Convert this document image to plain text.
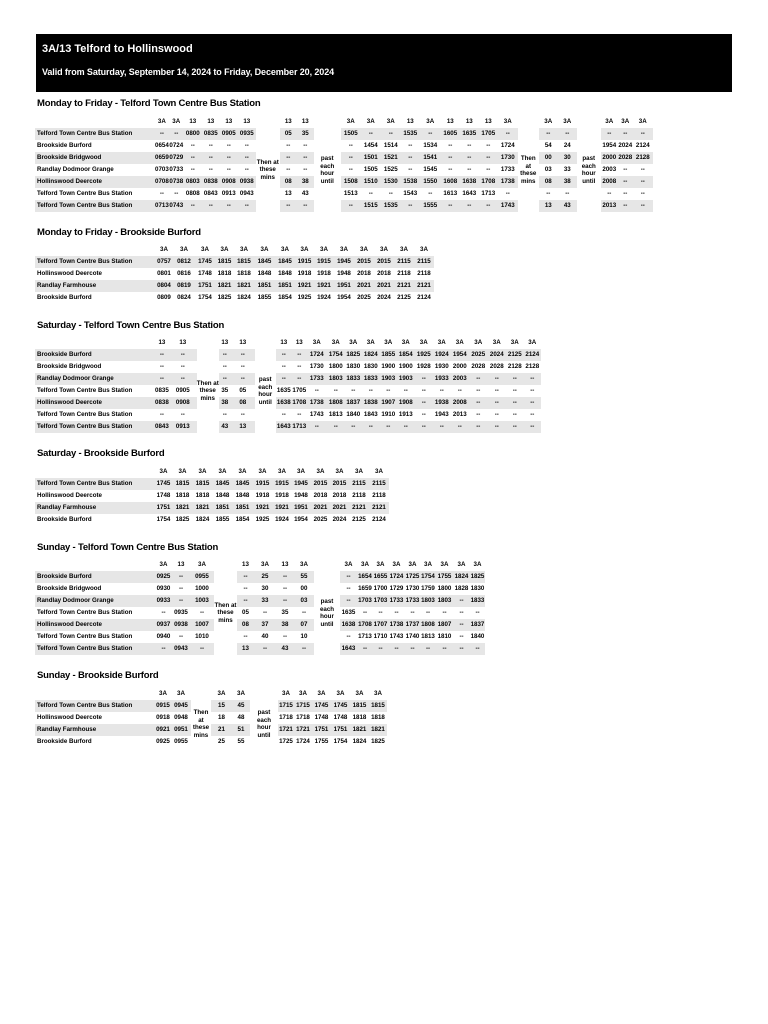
3A/13 Telford to Hollinswood
Valid from Saturday, September 14, 2024 to Friday, December 20, 2024
Monday to Friday - Telford Town Centre Bus Station
	3A	3A	13	13	13	13		13	13		3A	3A	3A	13	3A	13	13	13	3A		3A	3A		3A	3A	3A
Telford Town Centre Bus Station	--	--	0800	0835	0905	0935	Then at these mins	05	35	past each hour until	1505	--	--	1535	--	1605	1635	1705	--	Then at these mins	--	--	past each hour until	--	--	--
Brookside Burford	0654	0724	--	--	--	--		--	--		--	1454	1514	--	1534	--	--	--	1724		54	24		1954	2024	2124
Brookside Bridgwood	0659	0729	--	--	--	--		--	--		--	1501	1521	--	1541	--	--	--	1730		00	30		2000	2028	2128
Randlay Dodmoor Grange	0703	0733	--	--	--	--		--	--		--	1505	1525	--	1545	--	--	--	1733		03	33		2003	--	--
Hollinswood Deercote	0708	0738	0803	0838	0908	0938		08	38		1508	1510	1530	1538	1550	1608	1638	1708	1738		08	38		2008	--	--
Telford Town Centre Bus Station	--	--	0808	0843	0913	0943		13	43		1513	--	--	1543	--	1613	1643	1713	--		--	--		--	--	--
Telford Town Centre Bus Station	0713	0743	--	--	--	--		--	--		--	1515	1535	--	1555	--	--	--	1743		13	43		2013	--	--
Monday to Friday - Brookside Burford
	3A	3A	3A	3A	3A	3A	3A	3A	3A	3A	3A	3A	3A	3A
Telford Town Centre Bus Station	0757	0812	1745	1815	1815	1845	1845	1915	1915	1945	2015	2015	2115	2115
Hollinswood Deercote	0801	0816	1748	1818	1818	1848	1848	1918	1918	1948	2018	2018	2118	2118
Randlay Farmhouse	0804	0819	1751	1821	1821	1851	1851	1921	1921	1951	2021	2021	2121	2121
Brookside Burford	0809	0824	1754	1825	1824	1855	1854	1925	1924	1954	2025	2024	2125	2124
Saturday - Telford Town Centre Bus Station
	13	13		13	13		13	13	3A	3A	3A	3A	3A	3A	3A	3A	3A	3A	3A	3A	3A
Brookside Burford	--	--	Then at these mins	--	--	past each hour until	--	--	1724	1754	1825	1824	1855	1854	1925	1924	1954	2025	2024	2125	2124
Brookside Bridgwood	--	--		--	--		--	--	1730	1800	1830	1830	1900	1900	1928	1930	2000	2028	2028	2128	2128
Randlay Dodmoor Grange	--	--		--	--		--	--	1733	1803	1833	1833	1903	1903	--	1933	2003	--	--	--	--
Telford Town Centre Bus Station	0835	0905		35	05		1635	1705	--	--	--	--	--	--	--	--	--	--	--	--	--
Hollinswood Deercote	0838	0908		38	08		1638	1708	1738	1808	1837	1838	1907	1908	--	1938	2008	--	--	--	--
Telford Town Centre Bus Station	--	--		--	--		--	--	1743	1813	1840	1843	1910	1913	--	1943	2013	--	--	--	--
Telford Town Centre Bus Station	0843	0913		43	13		1643	1713	--	--	--	--	--	--	--	--	--	--	--	--	--
Saturday - Brookside Burford
	3A	3A	3A	3A	3A	3A	3A	3A	3A	3A	3A	3A
Telford Town Centre Bus Station	1745	1815	1815	1845	1845	1915	1915	1945	2015	2015	2115	2115
Hollinswood Deercote	1748	1818	1818	1848	1848	1918	1918	1948	2018	2018	2118	2118
Randlay Farmhouse	1751	1821	1821	1851	1851	1921	1921	1951	2021	2021	2121	2121
Brookside Burford	1754	1825	1824	1855	1854	1925	1924	1954	2025	2024	2125	2124
Sunday - Telford Town Centre Bus Station
	3A	13	3A		13	3A	13	3A		3A	3A	3A	3A	3A	3A	3A	3A	3A
Brookside Burford	0925	--	0955	Then at these mins	--	25	--	55	past each hour until	--	1654	1655	1724	1725	1754	1755	1824	1825
Brookside Bridgwood	0930	--	1000		--	30	--	00		--	1659	1700	1729	1730	1759	1800	1828	1830
Randlay Dodmoor Grange	0933	--	1003		--	33	--	03		--	1703	1703	1733	1733	1803	1803	--	1833
Telford Town Centre Bus Station	--	0935	--		05	--	35	--		1635	--	--	--	--	--	--	--	--
Hollinswood Deercote	0937	0938	1007		08	37	38	07		1638	1708	1707	1738	1737	1808	1807	--	1837
Telford Town Centre Bus Station	0940	--	1010		--	40	--	10		--	1713	1710	1743	1740	1813	1810	--	1840
Telford Town Centre Bus Station	--	0943	--		13	--	43	--		1643	--	--	--	--	--	--	--	--
Sunday - Brookside Burford
	3A	3A		3A	3A		3A	3A	3A	3A	3A	3A
Telford Town Centre Bus Station	0915	0945	Then at these mins	15	45	past each hour until	1715	1715	1745	1745	1815	1815
Hollinswood Deercote	0918	0948		18	48		1718	1718	1748	1748	1818	1818
Randlay Farmhouse	0921	0951		21	51		1721	1721	1751	1751	1821	1821
Brookside Burford	0925	0955		25	55		1725	1724	1755	1754	1824	1825
